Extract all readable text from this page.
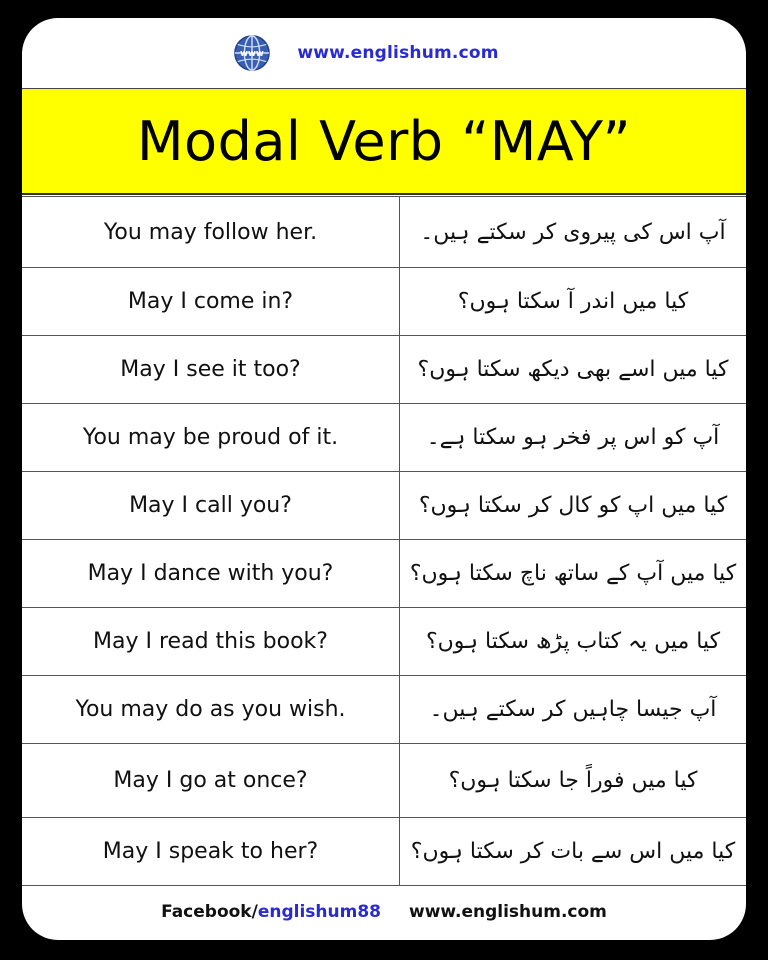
www www.englishum.com
Modal Verb “MAY”
You may follow her.	آپ اس کی پیروی کر سکتے ہیں۔
May I come in?	کیا میں اندر آ سکتا ہوں؟
May I see it too?	کیا میں اسے بھی دیکھ سکتا ہوں؟
You may be proud of it.	آپ کو اس پر فخر ہو سکتا ہے۔
May I call you?	کیا میں اپ کو کال کر سکتا ہوں؟
May I dance with you?	کیا میں آپ کے ساتھ ناچ سکتا ہوں؟
May I read this book?	کیا میں یہ کتاب پڑھ سکتا ہوں؟
You may do as you wish.	آپ جیسا چاہیں کر سکتے ہیں۔
May I go at once?	کیا میں فوراً جا سکتا ہوں؟
May I speak to her?	کیا میں اس سے بات کر سکتا ہوں؟
Facebook/ englishum88 www.englishum.com
